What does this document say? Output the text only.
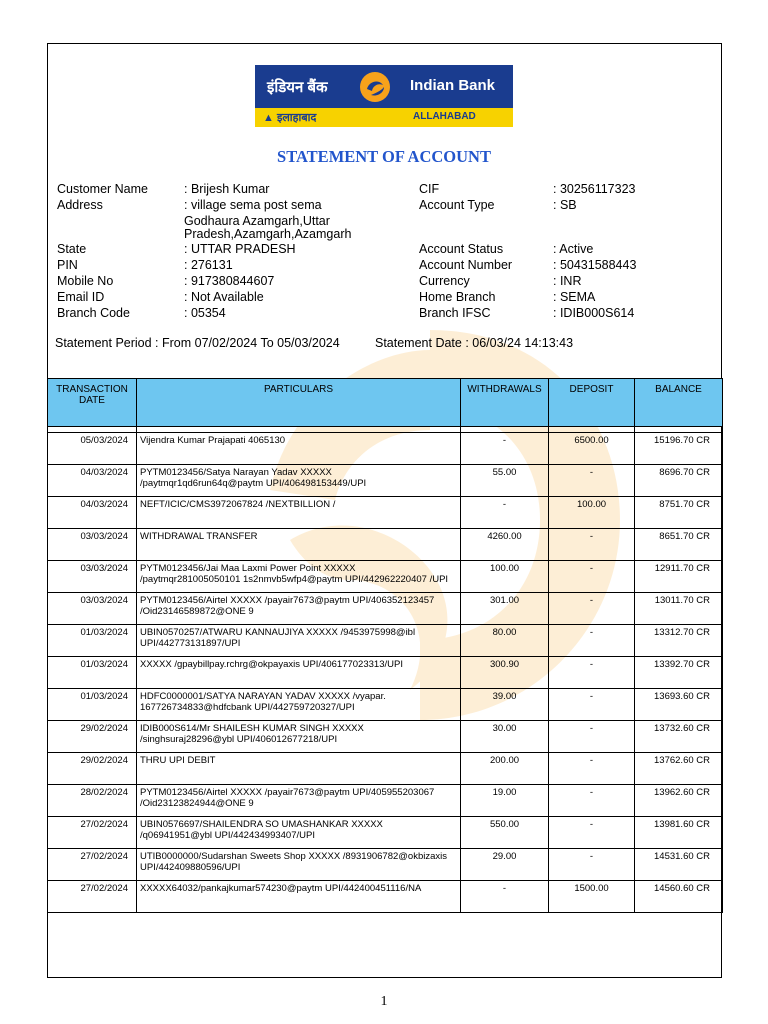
इंडियन बैंक	Indian Bank
▲ इलाहाबाद	ALLAHABAD
STATEMENT OF ACCOUNT
Customer Name	: Brijesh Kumar
Address	: village sema post sema
Godhaura Azamgarh,Uttar
Pradesh,Azamgarh,Azamgarh
State	: UTTAR PRADESH
PIN	: 276131
Mobile No	: 917380844607
Email ID	: Not Available
Branch Code	: 05354
CIF	: 30256117323
Account Type	: SB
Account Status	: Active
Account Number	: 50431588443
Currency	: INR
Home Branch	: SEMA
Branch IFSC	: IDIB000S614
Statement Period : From 07/02/2024 To 05/03/2024	Statement Date : 06/03/24 14:13:43
TRANSACTION DATE	PARTICULARS	WITHDRAWALS	DEPOSIT	BALANCE

05/03/2024	Vijendra Kumar Prajapati 4065130	-	6500.00	15196.70 CR
04/03/2024	PYTM0123456/Satya Narayan Yadav XXXXX /paytmqr1qd6run64q@paytm UPI/406498153449/UPI	55.00	-	8696.70 CR
04/03/2024	NEFT/ICIC/CMS3972067824 /NEXTBILLION /	-	100.00	8751.70 CR
03/03/2024	WITHDRAWAL TRANSFER	4260.00	-	8651.70 CR
03/03/2024	PYTM0123456/Jai Maa Laxmi Power Point XXXXX /paytmqr281005050101 1s2nmvb5wfp4@paytm UPI/442962220407 /UPI	100.00	-	12911.70 CR
03/03/2024	PYTM0123456/Airtel XXXXX /payair7673@paytm UPI/406352123457 /Oid23146589872@ONE 9	301.00	-	13011.70 CR
01/03/2024	UBIN0570257/ATWARU KANNAUJIYA XXXXX /9453975998@ibl UPI/442773131897/UPI	80.00	-	13312.70 CR
01/03/2024	XXXXX /gpaybillpay.rchrg@okpayaxis UPI/406177023313/UPI	300.90	-	13392.70 CR
01/03/2024	HDFC0000001/SATYA NARAYAN YADAV XXXXX /vyapar. 167726734833@hdfcbank UPI/442759720327/UPI	39.00	-	13693.60 CR
29/02/2024	IDIB000S614/Mr SHAILESH KUMAR SINGH XXXXX /singhsuraj28296@ybl UPI/406012677218/UPI	30.00	-	13732.60 CR
29/02/2024	THRU UPI DEBIT	200.00	-	13762.60 CR
28/02/2024	PYTM0123456/Airtel XXXXX /payair7673@paytm UPI/405955203067 /Oid23123824944@ONE 9	19.00	-	13962.60 CR
27/02/2024	UBIN0576697/SHAILENDRA SO UMASHANKAR XXXXX /q06941951@ybl UPI/442434993407/UPI	550.00	-	13981.60 CR
27/02/2024	UTIB0000000/Sudarshan Sweets Shop XXXXX /8931906782@okbizaxis UPI/442409880596/UPI	29.00	-	14531.60 CR
27/02/2024	XXXXX64032/pankajkumar574230@paytm UPI/442400451116/NA	-	1500.00	14560.60 CR
1
